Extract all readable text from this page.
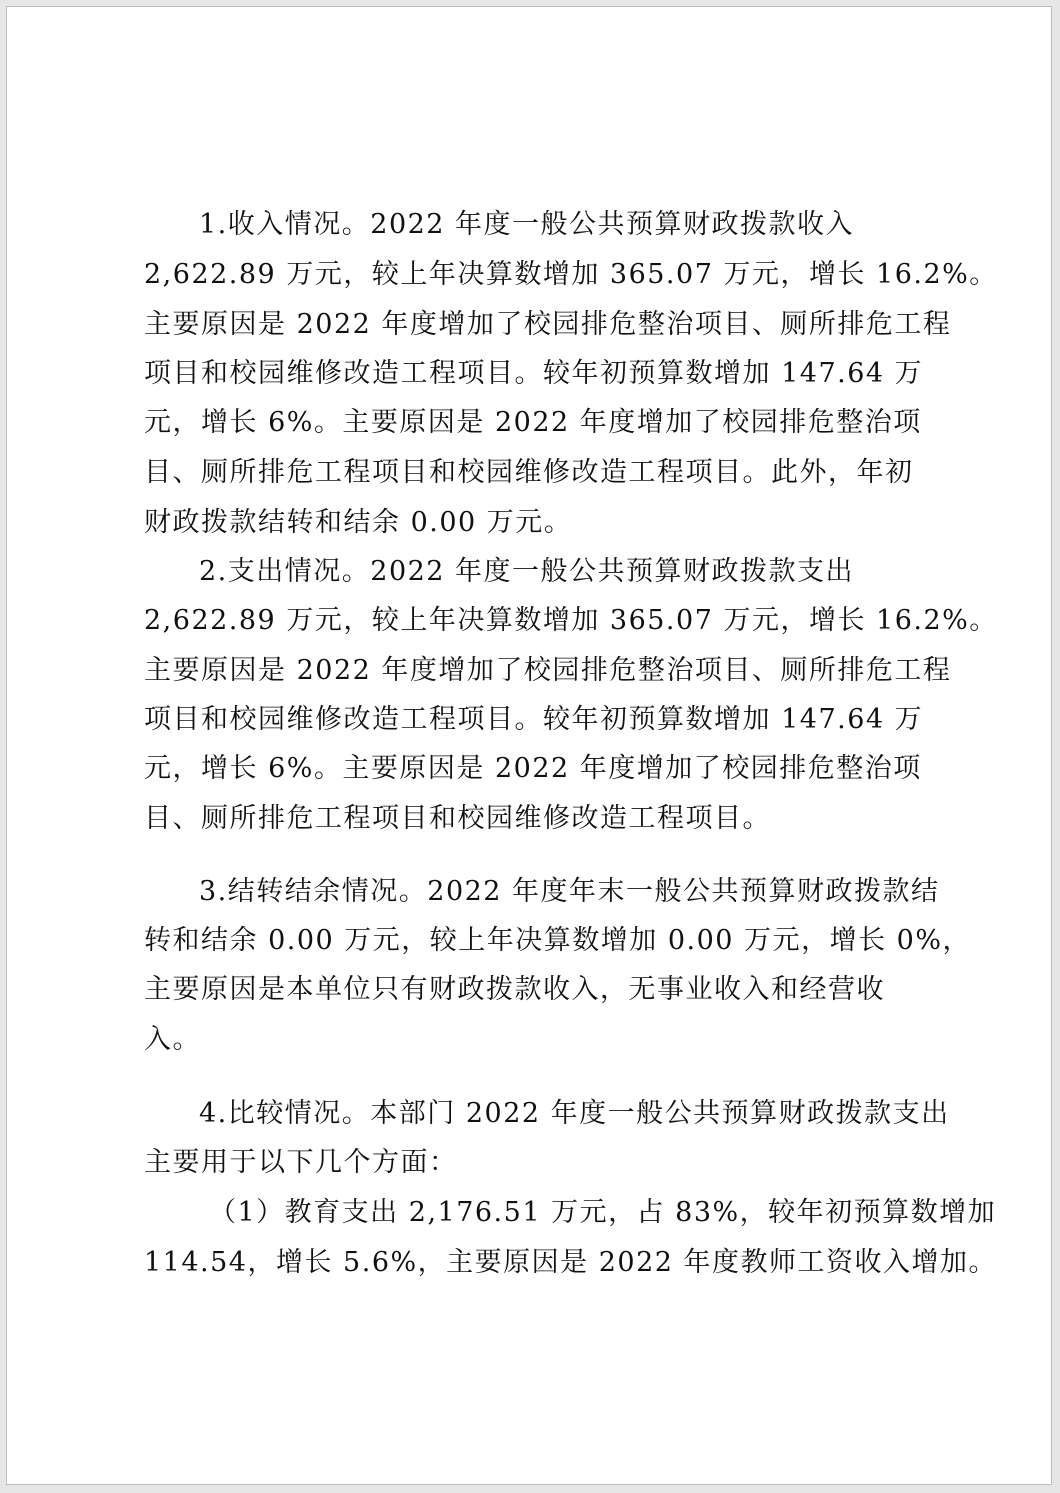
1.收入情况。2022 年度一般公共预算财政拨款收入
2,622.89 万元，较上年决算数增加 365.07 万元，增长 16.2%。
主要原因是 2022 年度增加了校园排危整治项目、厕所排危工程
项目和校园维修改造工程项目。较年初预算数增加 147.64 万
元，增长 6%。主要原因是 2022 年度增加了校园排危整治项
目、厕所排危工程项目和校园维修改造工程项目。此外，年初
财政拨款结转和结余 0.00 万元。
2.支出情况。2022 年度一般公共预算财政拨款支出
2,622.89 万元，较上年决算数增加 365.07 万元，增长 16.2%。
主要原因是 2022 年度增加了校园排危整治项目、厕所排危工程
项目和校园维修改造工程项目。较年初预算数增加 147.64 万
元，增长 6%。主要原因是 2022 年度增加了校园排危整治项
目、厕所排危工程项目和校园维修改造工程项目。
3.结转结余情况。2022 年度年末一般公共预算财政拨款结
转和结余 0.00 万元，较上年决算数增加 0.00 万元，增长 0%，
主要原因是本单位只有财政拨款收入，无事业收入和经营收
入。
4.比较情况。本部门 2022 年度一般公共预算财政拨款支出
主要用于以下几个方面：
（1）教育支出 2,176.51 万元，占 83%，较年初预算数增加
114.54，增长 5.6%，主要原因是 2022 年度教师工资收入增加。
